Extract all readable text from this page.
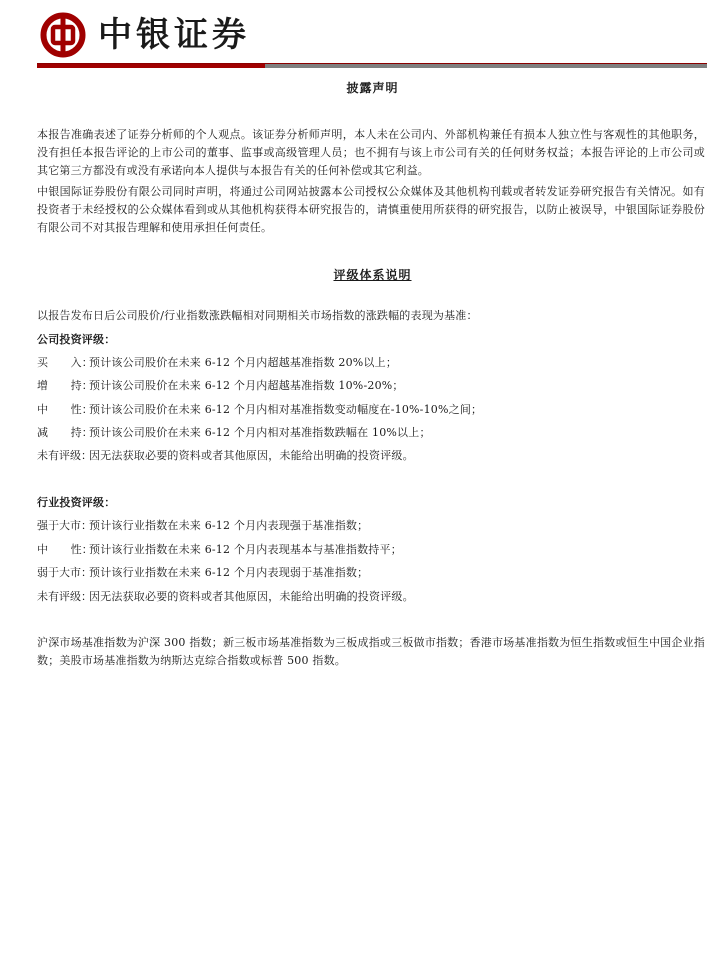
中银证券
披露声明
本报告准确表述了证券分析师的个人观点。该证券分析师声明，本人未在公司内、外部机构兼任有损本人独立性与客观性的其他职务，没有担任本报告评论的上市公司的董事、监事或高级管理人员；也不拥有与该上市公司有关的任何财务权益；本报告评论的上市公司或其它第三方都没有或没有承诺向本人提供与本报告有关的任何补偿或其它利益。
中银国际证券股份有限公司同时声明，将通过公司网站披露本公司授权公众媒体及其他机构刊载或者转发证券研究报告有关情况。如有投资者于未经授权的公众媒体看到或从其他机构获得本研究报告的，请慎重使用所获得的研究报告，以防止被误导，中银国际证券股份有限公司不对其报告理解和使用承担任何责任。
评级体系说明
以报告发布日后公司股价/行业指数涨跌幅相对同期相关市场指数的涨跌幅的表现为基准：
公司投资评级：
买　　入：预计该公司股价在未来 6-12 个月内超越基准指数 20%以上；
增　　持：预计该公司股价在未来 6-12 个月内超越基准指数 10%-20%；
中　　性：预计该公司股价在未来 6-12 个月内相对基准指数变动幅度在-10%-10%之间；
减　　持：预计该公司股价在未来 6-12 个月内相对基准指数跌幅在 10%以上；
未有评级：因无法获取必要的资料或者其他原因，未能给出明确的投资评级。
行业投资评级：
强于大市：预计该行业指数在未来 6-12 个月内表现强于基准指数；
中　　性：预计该行业指数在未来 6-12 个月内表现基本与基准指数持平；
弱于大市：预计该行业指数在未来 6-12 个月内表现弱于基准指数；
未有评级：因无法获取必要的资料或者其他原因，未能给出明确的投资评级。
沪深市场基准指数为沪深 300 指数；新三板市场基准指数为三板成指或三板做市指数；香港市场基准指数为恒生指数或恒生中国企业指数；美股市场基准指数为纳斯达克综合指数或标普 500 指数。
